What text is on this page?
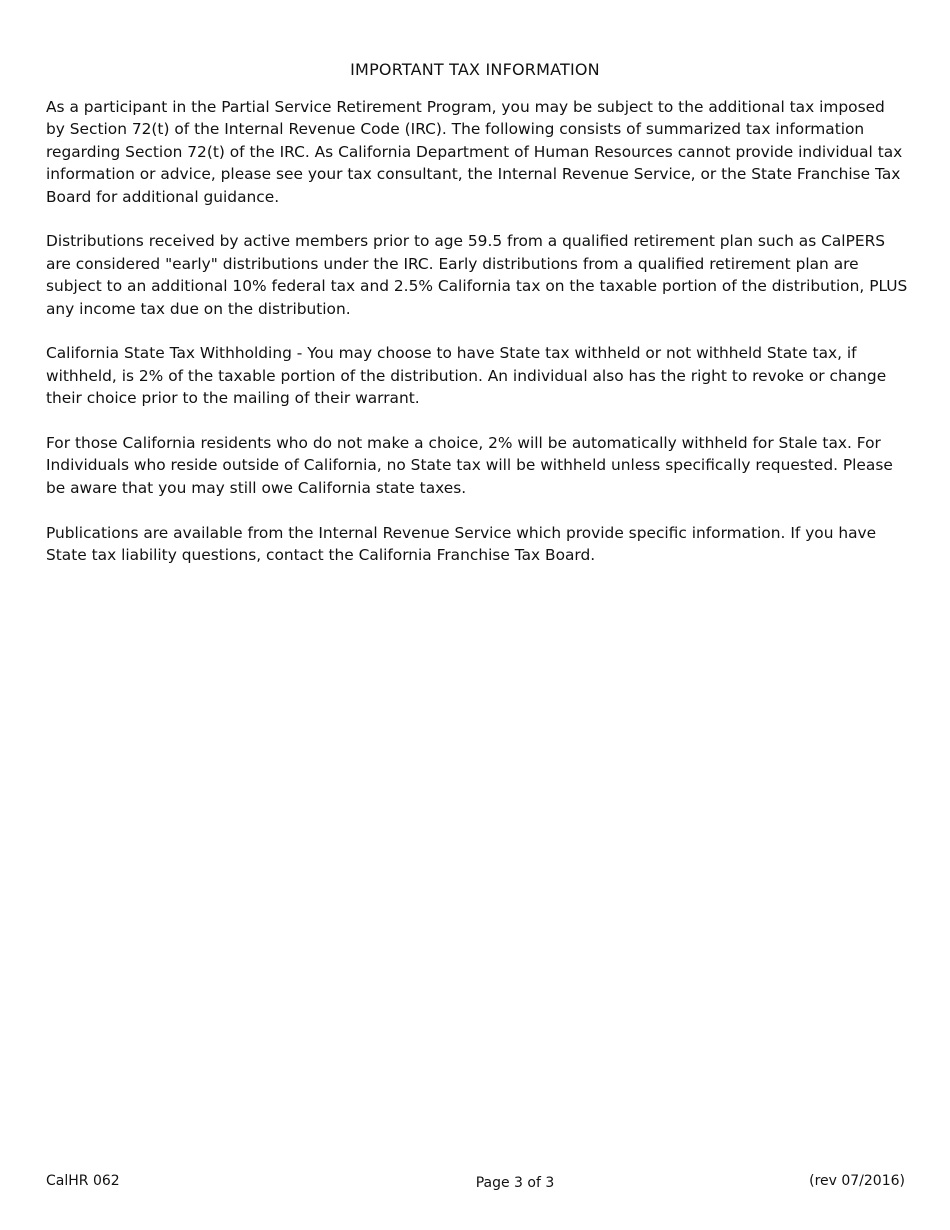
IMPORTANT TAX INFORMATION

As a participant in the Partial Service Retirement Program, you may be subject to the additional tax imposed by Section 72(t) of the Internal Revenue Code (IRC). The following consists of summarized tax information regarding Section 72(t) of the IRC. As California Department of Human Resources cannot provide individual tax information or advice, please see your tax consultant, the Internal Revenue Service, or the State Franchise Tax Board for additional guidance.

Distributions received by active members prior to age 59.5 from a qualified retirement plan such as CalPERS are considered "early" distributions under the IRC. Early distributions from a qualified retirement plan are subject to an additional 10% federal tax and 2.5% California tax on the taxable portion of the distribution, PLUS any income tax due on the distribution.

California State Tax Withholding - You may choose to have State tax withheld or not withheld State tax, if withheld, is 2% of the taxable portion of the distribution. An individual also has the right to revoke or change their choice prior to the mailing of their warrant.

For those California residents who do not make a choice, 2% will be automatically withheld for Stale tax. For Individuals who reside outside of California, no State tax will be withheld unless specifically requested. Please be aware that you may still owe California state taxes.

Publications are available from the Internal Revenue Service which provide specific information. If you have State tax liability questions, contact the California Franchise Tax Board.

CalHR 062	Page 3 of 3	(rev 07/2016)
